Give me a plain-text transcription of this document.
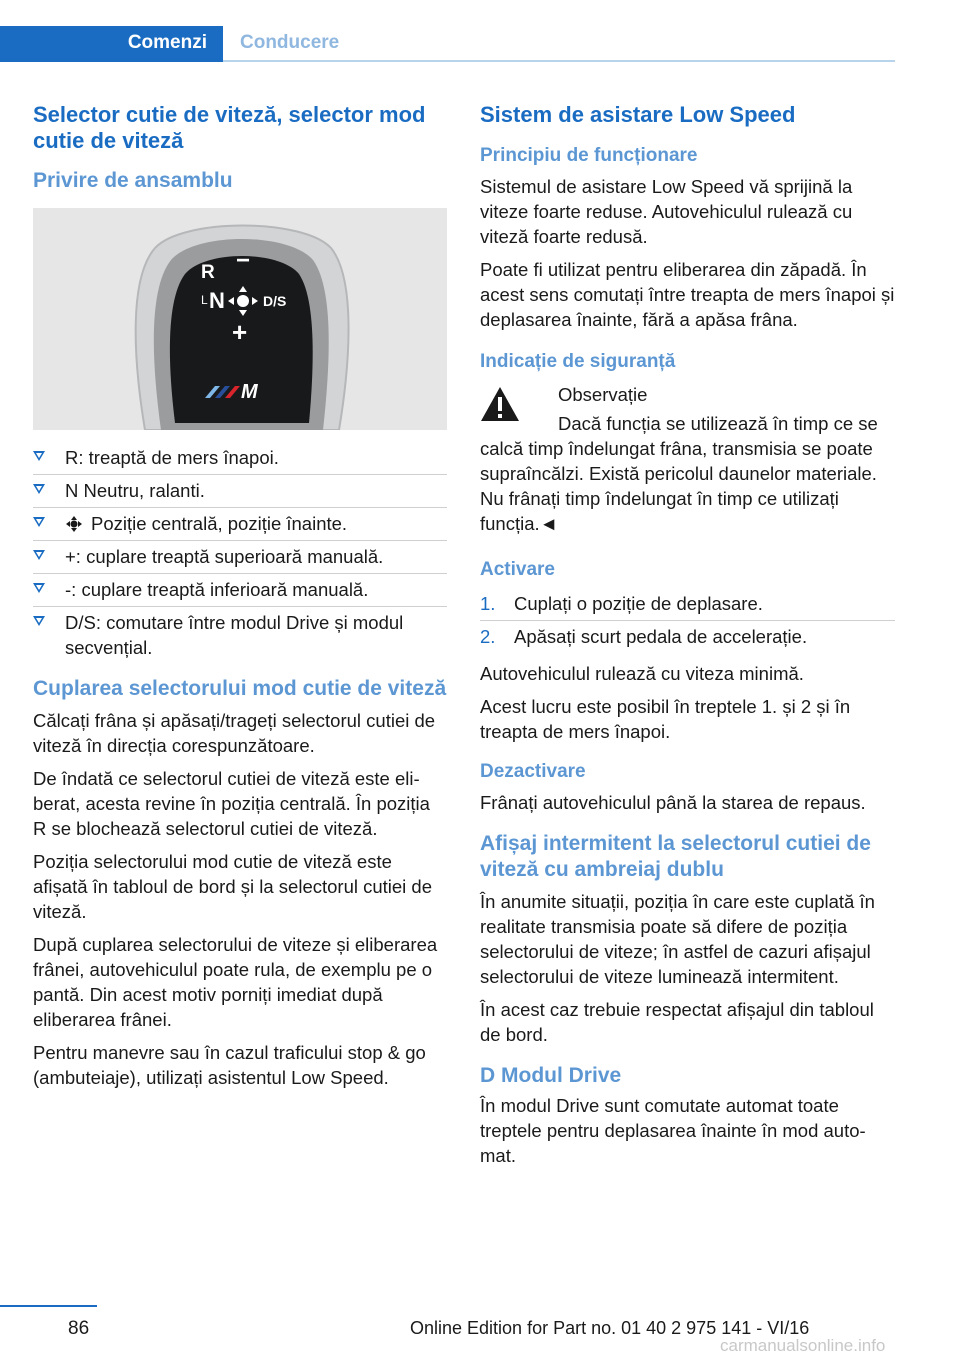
Comenzi	Conducere
Selector cutie de viteză, selector mod cutie de viteză
Privire de ansamblu
R −
L N	D/S
+
M
R: treaptă de mers înapoi.
N Neutru, ralanti.
Poziție centrală, poziție înainte.
+: cuplare treaptă superioară manuală.
-: cuplare treaptă inferioară manuală.
D/S: comutare între modul Drive și modul secvențial.
Cuplarea selectorului mod cutie de viteză

Călcați frâna și apăsați/trageți selectorul cutiei de viteză în direcția corespunzătoare.

De îndată ce selectorul cutiei de viteză este eliberat, acesta revine în poziția centrală. În poziția R se blochează selectorul cutiei de viteză.

Poziția selectorului mod cutie de viteză este afișată în tabloul de bord și la selectorul cutiei de viteză.

După cuplarea selectorului de viteze și eliberarea frânei, autovehiculul poate rula, de exemplu pe o pantă. Din acest motiv porniți imediat după eliberarea frânei.

Pentru manevre sau în cazul traficului stop & go (ambuteiaje), utilizați asistentul Low Speed.

Sistem de asistare Low Speed
Principiu de funcționare

Sistemul de asistare Low Speed vă sprijină la viteze foarte reduse. Autovehiculul rulează cu viteză foarte redusă.

Poate fi utilizat pentru eliberarea din zăpadă. În acest sens comutați între treapta de mers înapoi și deplasarea înainte, fără a apăsa frâna.

Indicație de siguranță
Observație
Dacă funcția se utilizează în timp ce se calcă timp îndelungat frâna, transmisia se poate supraîncălzi. Există pericolul daunelor materiale. Nu frânați timp îndelungat în timp ce utilizați funcția.◄
Activare
1. Cuplați o poziție de deplasare.
2. Apăsați scurt pedala de accelerație.

Autovehiculul rulează cu viteza minimă.

Acest lucru este posibil în treptele 1. și 2 și în treapta de mers înapoi.

Dezactivare

Frânați autovehiculul până la starea de repaus.

Afișaj intermitent la selectorul cutiei de viteză cu ambreiaj dublu

În anumite situații, poziția în care este cuplată în realitate transmisia poate să difere de poziția selectorului de viteze; în astfel de cazuri afișajul selectorului de viteze luminează intermitent.

În acest caz trebuie respectat afișajul din tabloul de bord.

D Modul Drive

În modul Drive sunt comutate automat toate treptele pentru deplasarea înainte în mod automat.

86	Online Edition for Part no. 01 40 2 975 141 - VI/16
carmanualsonline.info
